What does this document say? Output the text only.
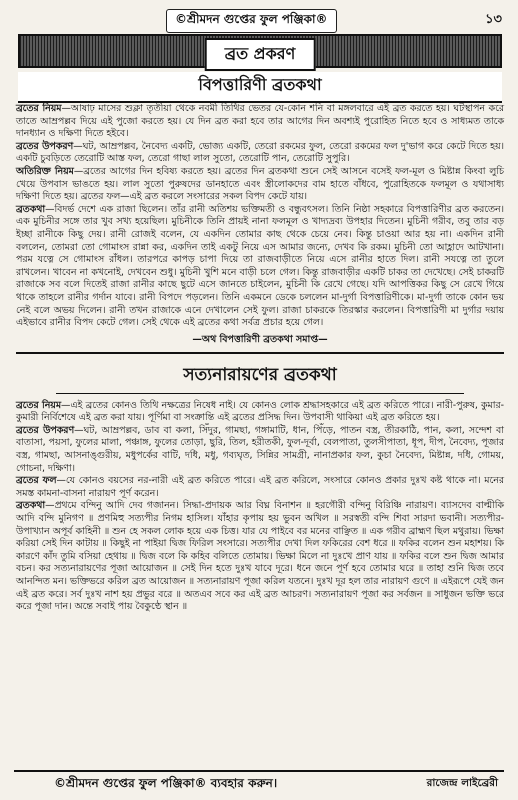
©শ্রীমদন গুপ্তের ফুল পঞ্জিকা®	১৩
ব্রত প্রকরণ
বিপত্তারিণী ব্রতকথা

ব্রতের নিয়ম—আষাঢ় মাসের শুক্লা তৃতীয়া থেকে নবমী তিথির ভেতর যে-কোন শনি বা মঙ্গলবারে এই ব্রত করতে হয়। ঘটস্থাপন করে তাতে আম্রপল্লব দিয়ে এই পুজো করতে হয়। যে দিন ব্রত করা হবে তার আগের দিন অবশ্যই পুরোহিত নিতে হবে ও সাধ্যমত তাকে দানধ্যান ও দক্ষিণা দিতে হইবে।

ব্রতের উপকরণ—ঘট, আম্রপল্লব, নৈবেদ্য একটি, ভোজ্য একটি, তেরো রকমের ফুল, তেরো রকমের ফল দু'ভাগ করে কেটে দিতে হয়। একটি চুবড়িতে তেরোটি আস্ত ফল, তেরো গাছা লাল সুতো, তেরোটি পান, তেরোটি সুপুরি।

অতিরিক্ত নিয়ম—ব্রতের আগের দিন হবিষ্য করতে হয়। ব্রতের দিন ব্রতকথা শুনে সেই আসনে বসেই ফল-মূল ও মিষ্টান্ন কিংবা লুচি খেয়ে উপবাস ভাঙতে হয়। লাল সুতো পুরুষদের ডানহাতে এবং স্ত্রীলোকদের বাম হাতে বাঁধবে, পুরোহিতকে ফলমূল ও যথাসাধ্য দক্ষিণা দিতে হয়। ব্রতের ফল—এই ব্রত করলে সংসারের সকল বিপদ কেটে যায়।

ব্রতকথা—বিদর্ভ দেশে এক রাজা ছিলেন। তাঁর রানী অতিশয় ভক্তিমতী ও বন্ধুবৎসল। তিনি নিষ্ঠা সহকারে বিপত্তারিণীর ব্রত করতেন। এক মুচিনীর সঙ্গে তার খুব সখ্য হয়েছিল। মুচিনীকে তিনি প্রায়ই নানা ফলমূল ও খাদ্যদ্রব্য উপহার দিতেন। মুচিনী গরীব, তবু তার বড় ইচ্ছা রানীকে কিছু দেয়। রানী রোজই বলেন, যে একদিন তোমার কাছ থেকে চেয়ে নেব। কিন্তু চাওয়া আর হয় না। একদিন রানী বললেন, তোমরা তো গোমাংস রান্না কর, একদিন তাই একটু নিয়ে এস আমার জন্যে, দেখব কি রকম। মুচিনী তো আহ্লাদে আটখানা। পরম যত্নে সে গোমাংস রাঁধল। তারপরে কাপড় চাপা দিয়ে তা রাজবাড়ীতে নিয়ে এসে রানীর হাতে দিল। রানী সযত্নে তা তুলে রাখলেন। খাবেন না কখনোই, দেখবেন শুধু। মুচিনী খুশি মনে বাড়ী চলে গেল। কিন্তু রাজবাড়ীর একটি চাকর তা দেখেছে। সেই চাকরটি রাজাকে সব বলে দিতেই রাজা রানীর কাছে ছুটে এসে জানতে চাইলেন, মুচিনী কি রেখে গেছে। যদি আপত্তিকর কিছু সে রেখে গিয়ে থাকে তাহলে রানীর গর্দান যাবে। রানী বিপদে পড়লেন। তিনি একমনে ডেকে চললেন মা-দুর্গা বিপত্তারিণীকে। মা-দুর্গা তাকে কোন ভয় নেই বলে অভয় দিলেন। রানী তখন রাজাকে এনে দেখালেন সেই ফুল। রাজা চাকরকে তিরস্কার করলেন। বিপত্তারিণী মা দুর্গার দয়ায় এইভাবে রানীর বিপদ কেটে গেল। সেই থেকে এই ব্রতের কথা সর্বত্র প্রচার হয়ে গেল।

—অথ বিপত্তারিণী ব্রতকথা সমাপ্ত—
সত্যনারায়ণের ব্রতকথা

ব্রতের নিয়ম—এই ব্রতের কোনও তিথি নক্ষত্রের নিষেধ নাই। যে কোনও লোক শ্রদ্ধাসহকারে এই ব্রত করিতে পারে। নারী-পুরুষ, কুমার-কুমারী নির্বিশেষে এই ব্রত করা যায়। পূর্ণিমা বা সংক্রান্তি এই ব্রতের প্রসিদ্ধ দিন। উপবাসী থাকিয়া এই ব্রত করিতে হয়।

ব্রতের উপকরণ—ঘট, আম্রপল্লব, ডাব বা কলা, সিঁদুর, গামছা, গঙ্গামাটি, ধান, পিঁড়ে, পাতন বস্ত্র, তীরকাঠি, পান, কলা, সন্দেশ বা বাতাসা, পয়সা, ফুলের মালা, পঞ্চাঙ্গ, ফুলের তোড়া, ছুরি, তিল, হরীতকী, ফুল-দূর্বা, বেলপাতা, তুলসীপাতা, ধূপ, দীপ, নৈবেদ্য, পূজার বস্ত্র, গামছা, আসনাঙ্গুরীয়, মধুপর্কের বাটি, দধি, মধু, গব্যঘৃত, সিন্নির সামগ্রী, নানাপ্রকার ফল, কুচা নৈবেদ্য, মিষ্টান্ন, দধি, গোময়, গোচনা, দক্ষিণা।

ব্রতের ফল—যে কোনও বয়সের নর-নারী এই ব্রত করিতে পারে। এই ব্রত করিলে, সংসারে কোনও প্রকার দুঃখ কষ্ট থাকে না। মনের সমস্ত কামনা-বাসনা নারায়ণ পূর্ণ করেন।

ব্রতকথা—প্রথমে বন্দিনু আদি দেব গজানন। সিদ্ধা-প্রদায়ক আর বিঘ্ন বিনাশন ॥ হরগৌরী বন্দিনু বিরিঞ্চি নারায়ণ। ব্যাসদেব বাল্মীকি আদি বন্দি মুনিগণ ॥ প্রণমিহু সত্যপীর নিগম হাসিল। যাঁহার কৃপায় হয় ভুবন অখিল ॥ সরস্বতী বন্দি শিবা সারদা ভবানী। সত্যপীর-উপাখ্যান অপূর্ব কাহিনী ॥ শুন হে সকল লোক হয়ে এক চিত্ত। যার যে পাইবে বর মনের বাঞ্ছিত ॥ এক গরীব ব্রাহ্মণ ছিল মথুরায়। ভিক্ষা করিয়া সেই দিন কাটায় ॥ কিছুই না পাইয়া দ্বিজ ফিরিল সংসারে। সত্যপীর দেখা দিল ফকিরের বেশ ধরে ॥ ফকির বলেন শুন মহাশয়। কি কারণে কাঁদ তুমি বসিয়া হেথায় ॥ দ্বিজ বলে কি কহিব বলিতে তোমায়। ভিক্ষা মিলে না দুঃখে প্রাণ যায় ॥ ফকির বলে শুন দ্বিজ আমার বচন। কর সত্যনারায়ণের পূজা আয়োজন ॥ সেই দিন হতে দুঃখ যাবে দূরে। ধনে জনে পূর্ণ হবে তোমার ঘরে ॥ তাহা শুনি দ্বিজ তবে আনন্দিত মন। ভক্তিভরে করিল ব্রত আয়োজন ॥ সত্যনারায়ণ পূজা করিল যতনে। দুঃখ দূর হল তার নারায়ণ গুণে ॥ এইরূপে যেই জন এই ব্রত করে। সর্ব দুঃখ নাশ হয় প্রভুর বরে ॥ অতএব সবে কর এই ব্রত আচরণ। সত্যনারায়ণ পূজা কর সর্বজন ॥ সাধুজন ভক্তি ভরে করে পূজা দান। অন্তে সবাই পায় বৈকুণ্ঠে স্থান ॥

©শ্রীমদন গুপ্তের ফুল পঞ্জিকা® ব্যবহার করুন।	রাজেন্দ্র লাইব্রেরী
